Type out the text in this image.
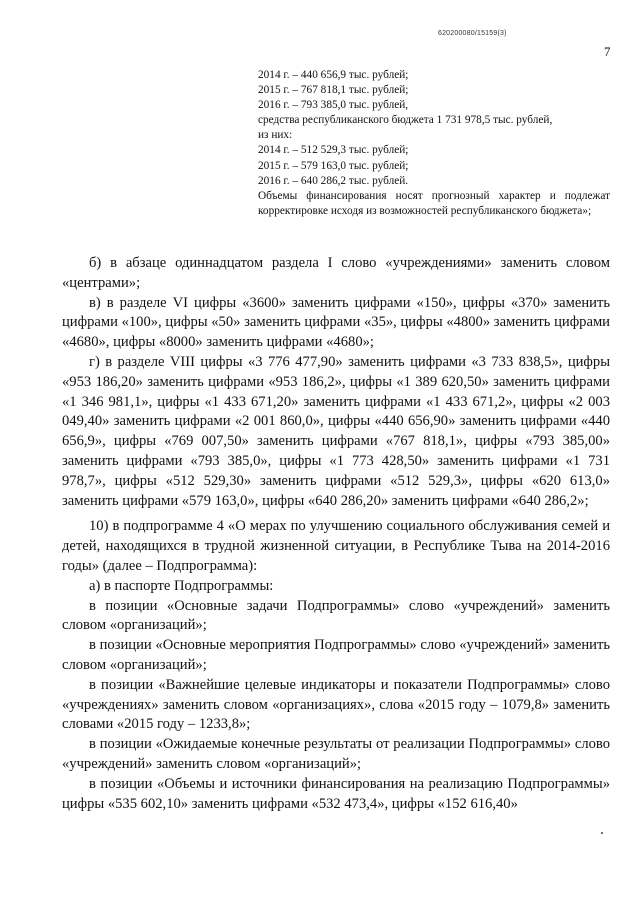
620200080/15159(3)
7
2014 г. – 440 656,9 тыс. рублей;
2015 г. – 767 818,1 тыс. рублей;
2016 г. – 793 385,0 тыс. рублей,
средства республиканского бюджета 1 731 978,5 тыс. рублей,
из них:
2014 г. – 512 529,3 тыс. рублей;
2015 г. – 579 163,0 тыс. рублей;
2016 г. – 640 286,2 тыс. рублей.
Объемы финансирования носят прогнозный характер и подлежат корректировке исходя из возможностей республиканского бюджета»;

б) в абзаце одиннадцатом раздела I слово «учреждениями» заменить словом «центрами»;

в) в разделе VI цифры «3600» заменить цифрами «150», цифры «370» заменить цифрами «100», цифры «50» заменить цифрами «35», цифры «4800» заменить цифрами «4680», цифры «8000» заменить цифрами «4680»;

г) в разделе VIII цифры «3 776 477,90» заменить цифрами «3 733 838,5», цифры «953 186,20» заменить цифрами «953 186,2», цифры «1 389 620,50» заменить цифрами «1 346 981,1», цифры «1 433 671,20» заменить цифрами «1 433 671,2», цифры «2 003 049,40» заменить цифрами «2 001 860,0», цифры «440 656,90» заменить цифрами «440 656,9», цифры «769 007,50» заменить цифрами «767 818,1», цифры «793 385,00» заменить цифрами «793 385,0», цифры «1 773 428,50» заменить цифрами «1 731 978,7», цифры «512 529,30» заменить цифрами «512 529,3», цифры «620 613,0» заменить цифрами «579 163,0», цифры «640 286,20» заменить цифрами «640 286,2»;

10) в подпрограмме 4 «О мерах по улучшению социального обслуживания семей и детей, находящихся в трудной жизненной ситуации, в Республике Тыва на 2014-2016 годы» (далее – Подпрограмма):

а) в паспорте Подпрограммы:

в позиции «Основные задачи Подпрограммы» слово «учреждений» заменить словом «организаций»;

в позиции «Основные мероприятия Подпрограммы» слово «учреждений» заменить словом «организаций»;

в позиции «Важнейшие целевые индикаторы и показатели Подпрограммы» слово «учреждениях» заменить словом «организациях», слова «2015 году – 1079,8» заменить словами «2015 году – 1233,8»;

в позиции «Ожидаемые конечные результаты от реализации Подпрограммы» слово «учреждений» заменить словом «организаций»;

в позиции «Объемы и источники финансирования на реализацию Подпрограммы» цифры «535 602,10» заменить цифрами «532 473,4», цифры «152 616,40»
